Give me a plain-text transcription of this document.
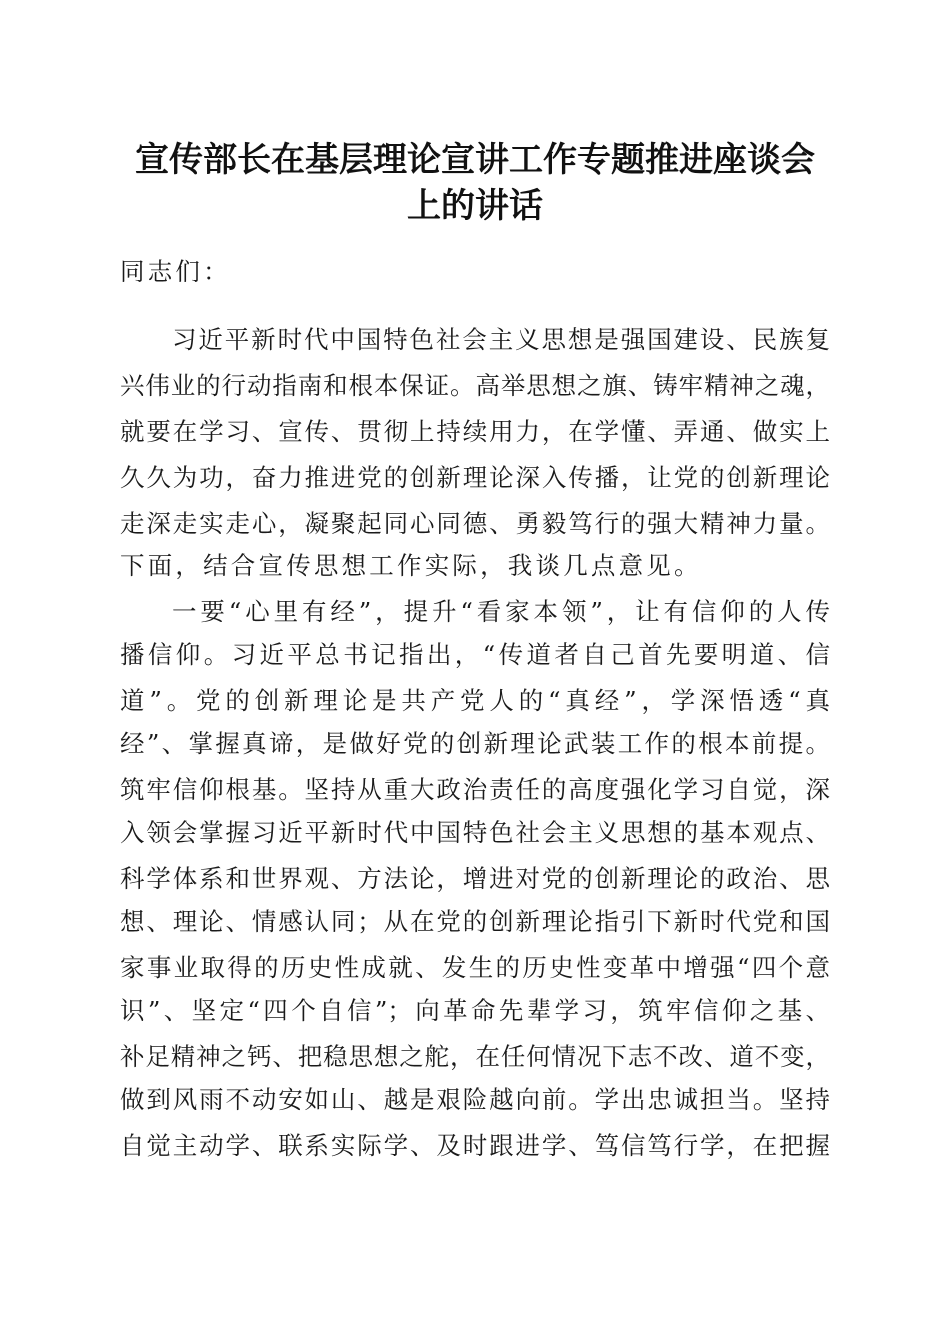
宣传部长在基层理论宣讲工作专题推进座谈会
上的讲话

同志们：

习近平新时代中国特色社会主义思想是强国建设、民族复

兴伟业的行动指南和根本保证。高举思想之旗、铸牢精神之魂，

就要在学习、宣传、贯彻上持续用力，在学懂、弄通、做实上

久久为功，奋力推进党的创新理论深入传播，让党的创新理论

走深走实走心，凝聚起同心同德、勇毅笃行的强大精神力量。

下面，结合宣传思想工作实际，我谈几点意见。

一要“心里有经”，提升“看家本领”，让有信仰的人传

播信仰。习近平总书记指出，“传道者自己首先要明道、信

道”。党的创新理论是共产党人的“真经”，学深悟透“真

经”、掌握真谛，是做好党的创新理论武装工作的根本前提。

筑牢信仰根基。坚持从重大政治责任的高度强化学习自觉，深

入领会掌握习近平新时代中国特色社会主义思想的基本观点、

科学体系和世界观、方法论，增进对党的创新理论的政治、思

想、理论、情感认同；从在党的创新理论指引下新时代党和国

家事业取得的历史性成就、发生的历史性变革中增强“四个意

识”、坚定“四个自信”；向革命先辈学习，筑牢信仰之基、

补足精神之钙、把稳思想之舵，在任何情况下志不改、道不变，

做到风雨不动安如山、越是艰险越向前。学出忠诚担当。坚持

自觉主动学、联系实际学、及时跟进学、笃信笃行学，在把握
